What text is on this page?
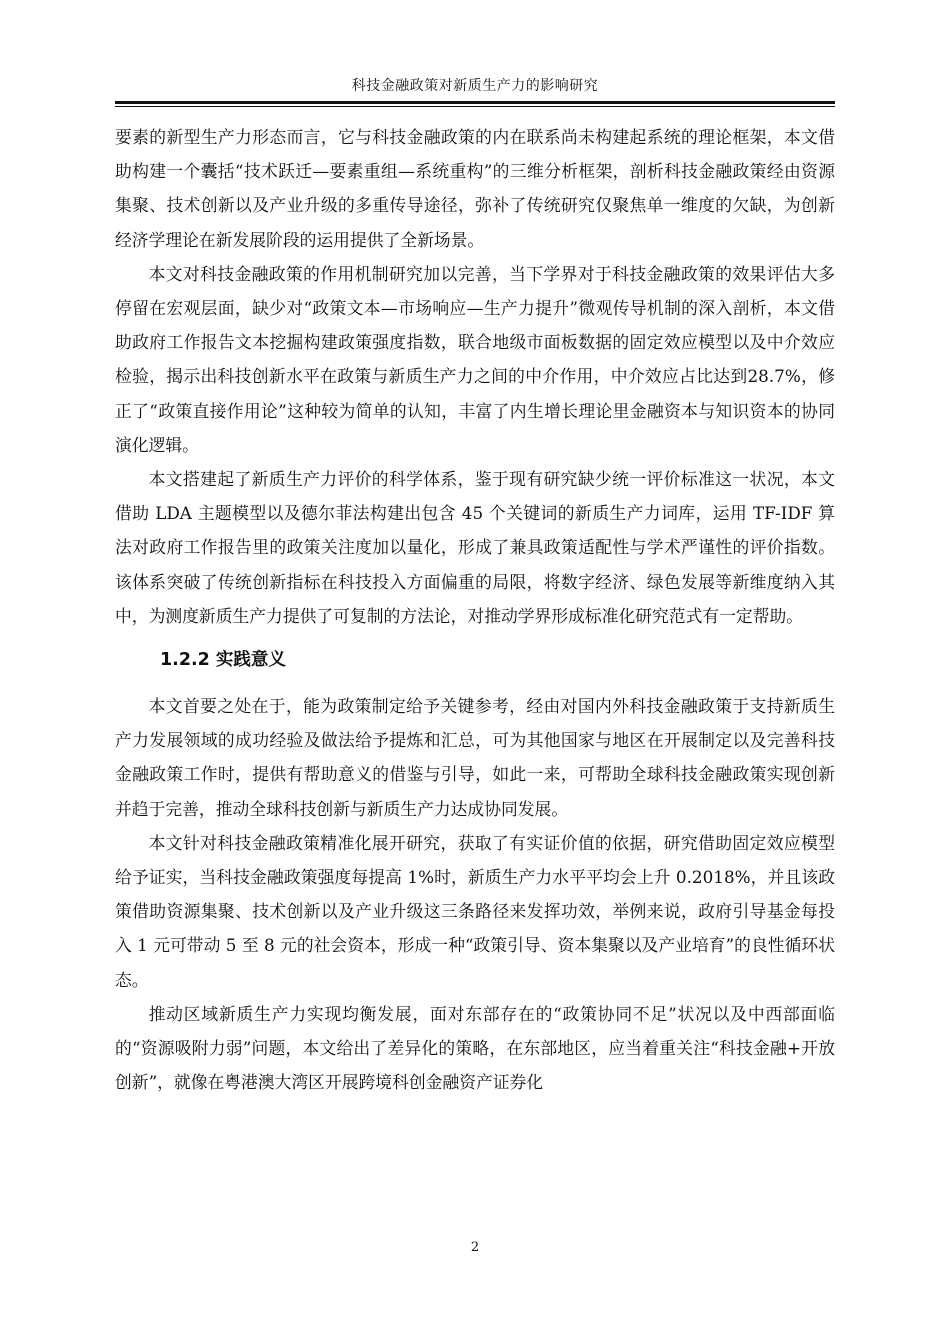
科技金融政策对新质生产力的影响研究

要素的新型生产力形态而言，它与科技金融政策的内在联系尚未构建起系统的理论框架，本文借助构建一个囊括“技术跃迁—要素重组—系统重构”的三维分析框架，剖析科技金融政策经由资源集聚、技术创新以及产业升级的多重传导途径，弥补了传统研究仅聚焦单一维度的欠缺，为创新经济学理论在新发展阶段的运用提供了全新场景。

本文对科技金融政策的作用机制研究加以完善，当下学界对于科技金融政策的效果评估大多停留在宏观层面，缺少对“政策文本—市场响应—生产力提升”微观传导机制的深入剖析，本文借助政府工作报告文本挖掘构建政策强度指数，联合地级市面板数据的固定效应模型以及中介效应检验，揭示出科技创新水平在政策与新质生产力之间的中介作用，中介效应占比达到28.7%，修正了“政策直接作用论”这种较为简单的认知，丰富了内生增长理论里金融资本与知识资本的协同演化逻辑。

本文搭建起了新质生产力评价的科学体系，鉴于现有研究缺少统一评价标准这一状况，本文借助 LDA 主题模型以及德尔菲法构建出包含 45 个关键词的新质生产力词库，运用 TF-IDF 算法对政府工作报告里的政策关注度加以量化，形成了兼具政策适配性与学术严谨性的评价指数。该体系突破了传统创新指标在科技投入方面偏重的局限，将数字经济、绿色发展等新维度纳入其中，为测度新质生产力提供了可复制的方法论，对推动学界形成标准化研究范式有一定帮助。

1.2.2 实践意义

本文首要之处在于，能为政策制定给予关键参考，经由对国内外科技金融政策于支持新质生产力发展领域的成功经验及做法给予提炼和汇总，可为其他国家与地区在开展制定以及完善科技金融政策工作时，提供有帮助意义的借鉴与引导，如此一来，可帮助全球科技金融政策实现创新并趋于完善，推动全球科技创新与新质生产力达成协同发展。

本文针对科技金融政策精准化展开研究，获取了有实证价值的依据，研究借助固定效应模型给予证实，当科技金融政策强度每提高 1%时，新质生产力水平平均会上升 0.2018%，并且该政策借助资源集聚、技术创新以及产业升级这三条路径来发挥功效，举例来说，政府引导基金每投入 1 元可带动 5 至 8 元的社会资本，形成一种“政策引导、资本集聚以及产业培育”的良性循环状态。

推动区域新质生产力实现均衡发展，面对东部存在的“政策协同不足”状况以及中西部面临的“资源吸附力弱”问题，本文给出了差异化的策略，在东部地区，应当着重关注“科技金融+开放创新”，就像在粤港澳大湾区开展跨境科创金融资产证券化

2
